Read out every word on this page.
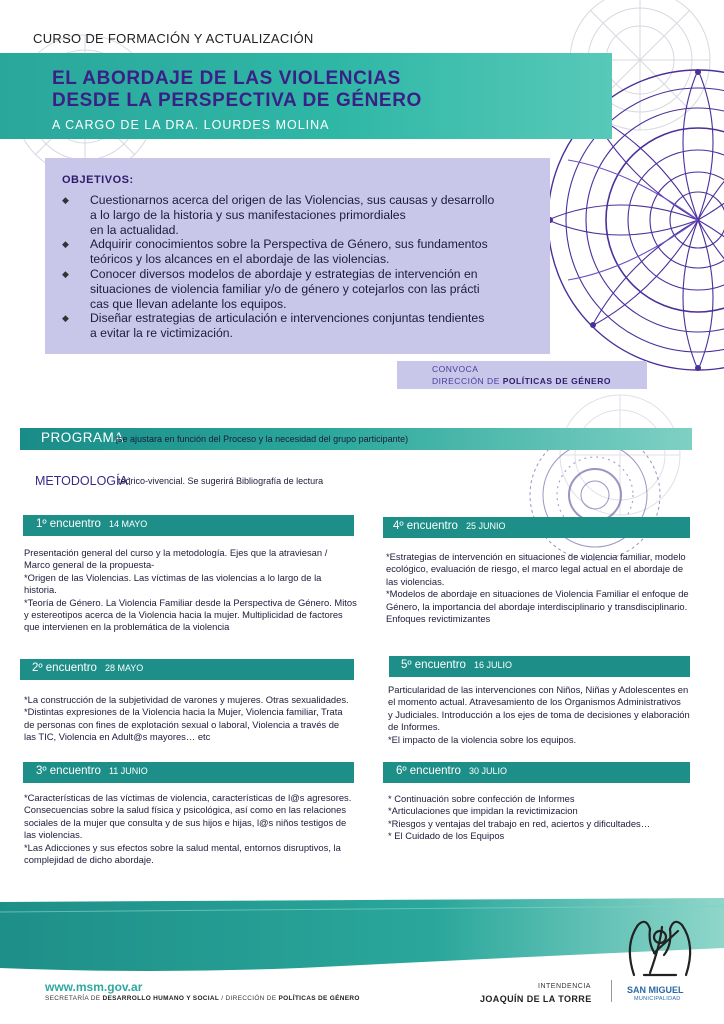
CURSO DE FORMACIÓN Y ACTUALIZACIÓN
EL ABORDAJE DE LAS VIOLENCIAS
DESDE LA PERSPECTIVA DE GÉNERO
A CARGO DE LA DRA. LOURDES MOLINA
OBJETIVOS:
◆ Cuestionarnos acerca del origen de las Violencias, sus causas y desarrollo
a lo largo de la historia y sus manifestaciones primordiales
en la actualidad.
◆ Adquirir conocimientos sobre la Perspectiva de Género, sus fundamentos
teóricos y los alcances en el abordaje de las violencias.
◆ Conocer diversos modelos de abordaje y estrategias de intervención en
situaciones de violencia familiar y/o de género y cotejarlos con las prácti
cas que llevan adelante los equipos.
◆ Diseñar estrategias de articulación e intervenciones conjuntas tendientes
a evitar la re victimización.
CONVOCA
DIRECCIÓN DE POLÍTICAS DE GÉNERO
PROGRAMA
(se ajustara en función del Proceso y la necesidad del grupo participante)
METODOLOGÍA:
teórico-vivencial. Se sugerirá Bibliografía de lectura
1º encuentro 14 MAYO
Presentación general del curso y la metodología. Ejes que la atraviesan /
Marco general de la propuesta-
*Origen de las Violencias. Las víctimas de las violencias a lo largo de la
historia.
*Teoría de Género. La Violencia Familiar desde la Perspectiva de Género. Mitos
y estereotipos acerca de la Violencia hacia la mujer. Multiplicidad de factores
que intervienen en la problemática de la violencia
2º encuentro 28 MAYO
*La construcción de la subjetividad de varones y mujeres. Otras sexualidades.
*Distintas expresiones de la Violencia hacia la Mujer, Violencia familiar, Trata
de personas con fines de explotación sexual o laboral, Violencia a través de
las TIC, Violencia en Adult@s mayores… etc
3º encuentro 11 JUNIO
*Características de las víctimas de violencia, características de l@s agresores.
Consecuencias sobre la salud física y psicológica, así como en las relaciones
sociales de la mujer que consulta y de sus hijos e hijas, l@s niños testigos de
las violencias.
*Las Adicciones y sus efectos sobre la salud mental, entornos disruptivos, la
complejidad de dicho abordaje.
4º encuentro 25 JUNIO
*Estrategias de intervención en situaciones de violencia familiar, modelo
ecológico, evaluación de riesgo, el marco legal actual en el abordaje de
las violencias.
*Modelos de abordaje en situaciones de Violencia Familiar el enfoque de
Género, la importancia del abordaje interdisciplinario y transdisciplinario.
Enfoques revictimizantes
5º encuentro 16 JULIO
Particularidad de las intervenciones con Niños, Niñas y Adolescentes en
el momento actual. Atravesamiento de los Organismos Administrativos
y Judiciales. Introducción a los ejes de toma de decisiones y elaboración
de Informes.
*El impacto de la violencia sobre los equipos.
6º encuentro 30 JULIO
* Continuación sobre confección de Informes
*Articulaciones que impidan la revictimizacion
*Riesgos y ventajas del trabajo en red, aciertos y dificultades…
* El Cuidado de los Equipos
www.msm.gov.ar
SECRETARÍA DE DESARROLLO HUMANO Y SOCIAL / DIRECCIÓN DE POLÍTICAS DE GÉNERO
INTENDENCIA
JOAQUÍN DE LA TORRE
SAN MIGUEL
MUNICIPALIDAD
